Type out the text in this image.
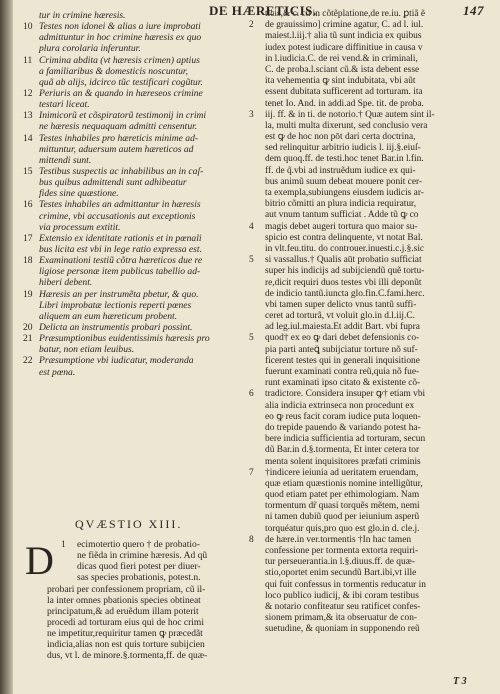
DE HÆRETICIS.	147
tur in crimine hæresis.
10 Testes non idonei & alias a iure improbati
admittuntur in hoc crimine hæresis ex quo
plura corolaria inferuntur.
11 Crimina abdita (vt hæresis crimen) aptius
a familiaribus & domesticis noscuntur,
quã ab alijs, idcirco tũc testificari cogũtur.
12 Periuris an & quando in hæreseos crimine
testari liceat.
13 Inimicorũ et cõspiratorũ testimonij in crimi
ne hæresis nequaquam admitti censentur.
14 Testes inhabiles pro hæreticis minime ad-
mittuntur, aduersum autem hæreticos ad
mittendi sunt.
15 Testibus suspectis ac inhabilibus an in caſ-
bus quibus admittendi sunt adhibeatur
fides sine quæstione.
16 Testes inhabiles an admittantur in hæresis
crimine, vbi accusationis aut exceptionis
via processum extitit.
17 Extensio ex identitate rationis et in pœnali
bus licita est vbi in lege ratio expressa est.
18 Examinationi testiũ cõtra hæreticos due re
ligiose personæ item publicus tabellio ad-
hiberi debent.
19 Hæresis an per instrumẽta pbetur, & quo.
Libri improbatæ lectionis reperti pœnes
aliquem an eum hæreticum probent.
20 Delicta an instrumentis probari possint.
21 Præsumptionibus euidentissimis hæresis pro
batur, non etiam leuibus.
22 Præsumptione vbi iudicatur, moderanda
est pœna.
QVÆSTIO XIII.
D 1 ecimotertio quero † de probatio-
ne fiẽda in crimine hæresis. Ad qũ
dicas quod fieri potest per diuer-
sas species probationis, potest.n.
probari per confessionem propriam, cũ il-
la inter omnes pbationis species obtineat
principatum,& ad eruẽdum illam poterit
procedi ad torturam eius qui de hoc crimi
ne impetitur,requiritur tamen ꝙ præcedãt
indicia,alias non est quis torture subijcien
dus, vt l. de minore.§.tormenta,ff. de quæ-
ticis,& c. cũ in cõtẽplatione,de re.iu. ꝑtiã ẽ
2 de grauissimo] crimine agatur, C. ad l. iul.
maiest.l.iij.† alia tũ sunt indicia ex quibus
iudex potest iudicare diffinitiue in causa v
in l.iudicia.C. de rei vend.& in criminali,
C. de proba.l.sciant cũ.& ista debent esse
ita vehementia ꝙ sint indubitata, vbi aũt
essent dubitata sufficerent ad torturam. ita
tenet Io. And. in addi.ad Spe. tit. de proba.
3 iij. ff. & in ti. de notorio.† Quæ autem sint il-
la, multi multa dixerunt, sed conclusio vera
est ꝙ de hoc non pōt dari certa doctrina,
sed relinquitur arbitrio iudicis l. iij.§.eiuſ-
dem quoq.ff. de testi.hoc tenet Bar.in l.fin.
ff. de q̃.vbi ad instruẽdum iudice ex qui-
bus animũ suum debeat mouere ponit cer-
ta exempla,subiungens eiusdem iudicis ar-
bitrio cõmitti an plura indicia requiratur,
aut vnum tantum sufficiat . Adde tũ ꝙ co
4 magis debet augeri tortura quo maior su-
spicio est contra delinquente, vt notat Bal.
in vlt.feu.titu. do controuer.inuesti.c.j.§.sic
5 si vassallus.† Qualis aūt probatio sufficiat
super his indicijs ad subijciendũ quẽ tortu-
re,dicit requiri duos testes vbi illi deponũt
de indicio tantũ.iuncta glo.fin.C.fami.herc.
vbi tamen super delicto vnus tantũ suffi-
ceret ad torturã, vt voluit glo.in d.l.iij.C.
ad leg.iul.maiesta.Et addit Bart. vbi fupra
5 quod† ex eo ꝙ dari debet defensionis co-
pia parti anteꝗ̃ subijciatur torture nõ suf-
ficerent testes qui in generali inquisitione
fuerunt examinati contra reũ,quia nõ fue-
runt examinati ipso citato & existente cõ-
6 tradictore. Considera insuper ꝙ† etiam vbi
alia indicia extrinseca non procedunt ex
eo ꝙ reus facit coram iudice puta loquen-
do trepide pauendo & variando potest ha-
bere indicia sufficientia ad torturam, secun
dũ Bar.in d.§.tormenta, Et inter cetera tor
menta solent inquisitores præfati criminis
7 †indicere ieiunia ad ueritatem eruendam,
quæ etiam quæstionis nomine intelligũtur,
quod etiam patet per ethimologiam. Nam
tormentum dr̃ quasi torquẽs mẽtem, nemi
ni tamen dubiũ quod per ieiunium asperũ
torquéatur quis,pro quo est glo.in d. cle.j.
8 de hære.in ver.tormentis †In hac tamen
confessione per tormenta extorta requiri-
tur perseuerantia.in l.§.diuus.ff. de quæ-
stio,oportet enim secundũ Bart.ibi,vt ille
qui fuit confessus in tormentis reducatur in
loco publico iudicij, & ibi coram testibus
& notario confiteatur seu ratificet confes-
sionem primam,& ita obseruatur de con-
suetudine, & quoniam in supponendo reũ
T 3
